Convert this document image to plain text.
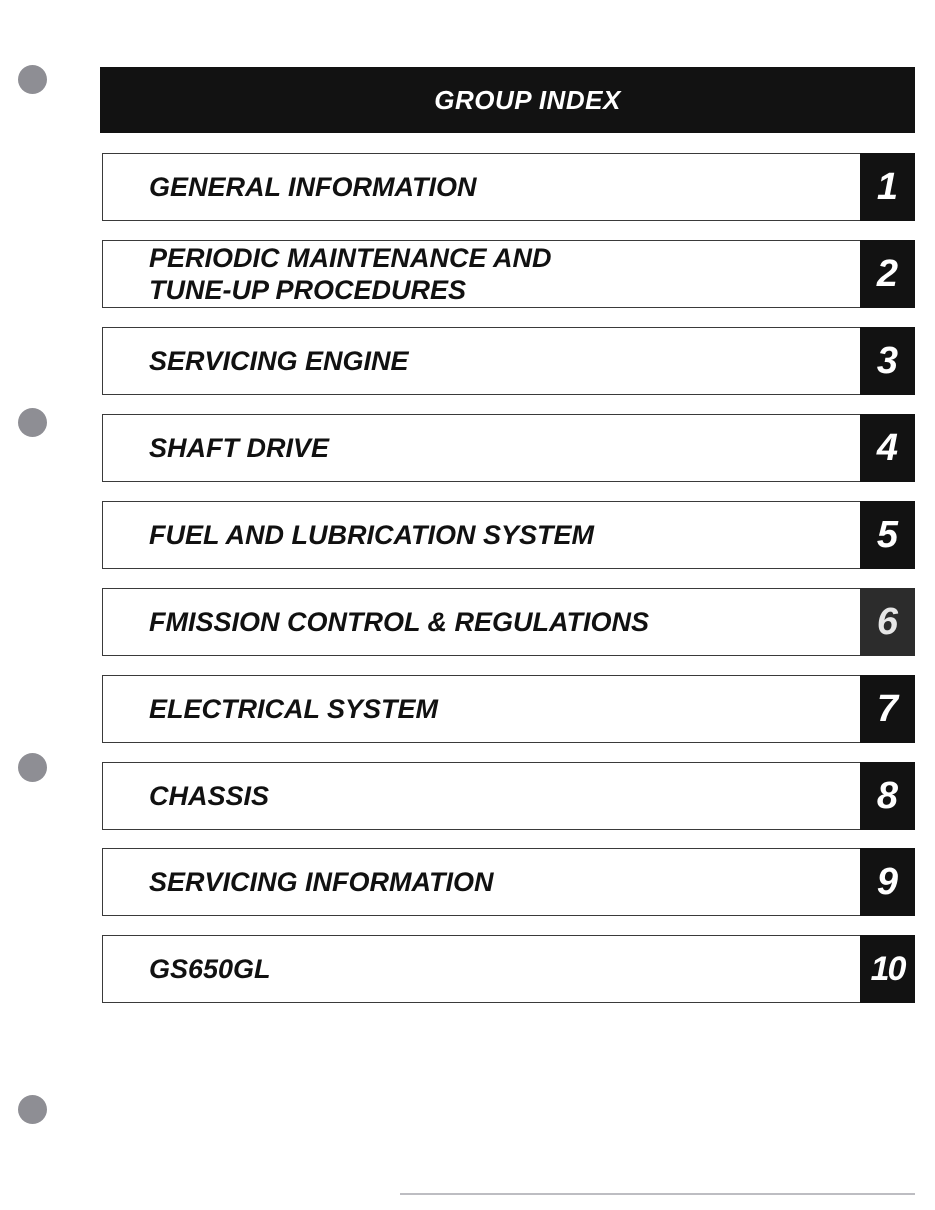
GROUP INDEX
GENERAL INFORMATION	1
PERIODIC MAINTENANCE AND
TUNE-UP PROCEDURES	2
SERVICING ENGINE	3
SHAFT DRIVE	4
FUEL AND LUBRICATION SYSTEM	5
FMISSION CONTROL & REGULATIONS	6
ELECTRICAL SYSTEM	7
CHASSIS	8
SERVICING INFORMATION	9
GS650GL	10
